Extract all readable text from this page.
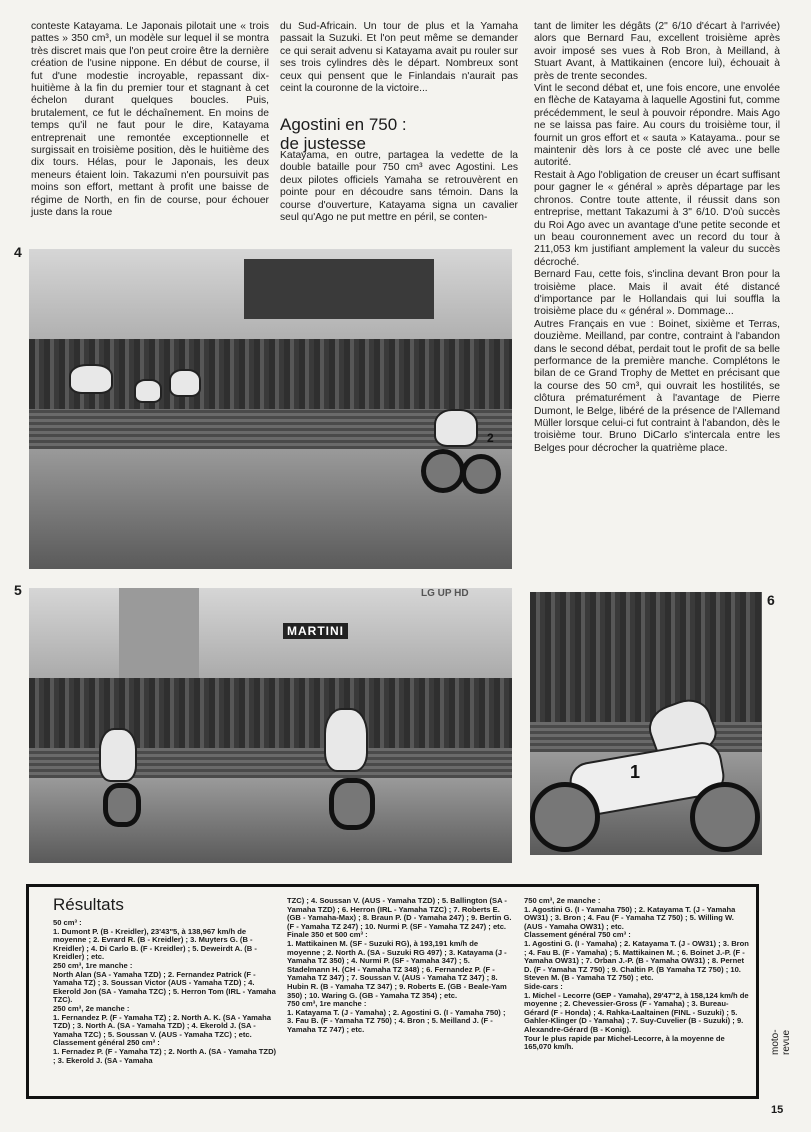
conteste Katayama. Le Japonais pilotait une « trois pattes » 350 cm³, un modèle sur lequel il se montra très discret mais que l'on peut croire être la dernière création de l'usine nippone. En début de course, il fut d'une modestie incroyable, repassant dix-huitième à la fin du premier tour et stagnant à cet échelon durant quelques boucles. Puis, brutalement, ce fut le déchaînement. En moins de temps qu'il ne faut pour le dire, Katayama entreprenait une remontée exceptionnelle et surgissait en troisième position, dès le huitième des dix tours. Hélas, pour le Japonais, les deux meneurs étaient loin. Takazumi n'en poursuivit pas moins son effort, mettant à profit une baisse de régime de North, en fin de course, pour échouer juste dans la roue
du Sud-Africain. Un tour de plus et la Yamaha passait la Suzuki. Et l'on peut même se demander ce qui serait advenu si Katayama avait pu rouler sur ses trois cylindres dès le départ. Nombreux sont ceux qui pensent que le Finlandais n'aurait pas ceint la couronne de la victoire...
Agostini en 750 :
de justesse
Katayama, en outre, partagea la vedette de la double bataille pour 750 cm³ avec Agostini. Les deux pilotes officiels Yamaha se retrouvèrent en pointe pour en découdre sans témoin. Dans la course d'ouverture, Katayama signa un cavalier seul qu'Ago ne put mettre en péril, se conten-
tant de limiter les dégâts (2" 6/10 d'écart à l'arrivée) alors que Bernard Fau, excellent troisième après avoir imposé ses vues à Rob Bron, à Meilland, à Stuart Avant, à Mattikainen (encore lui), échouait à près de trente secondes.
Vint le second débat et, une fois encore, une envolée en flèche de Katayama à laquelle Agostini fut, comme précédemment, le seul à pouvoir répondre. Mais Ago ne se laissa pas faire. Au cours du troisième tour, il fournit un gros effort et « sauta » Katayama.. pour se maintenir dès lors à ce poste clé avec une belle autorité.
Restait à Ago l'obligation de creuser un écart suffisant pour gagner le « général » après départage par les chronos. Contre toute attente, il réussit dans son entreprise, mettant Takazumi à 3" 6/10. D'où succès du Roi Ago avec un avantage d'une petite seconde et un beau couronnement avec un record du tour à 211,053 km justifiant amplement la valeur du succès décroché.
Bernard Fau, cette fois, s'inclina devant Bron pour la troisième place. Mais il avait été distancé d'importance par le Hollandais qui lui souffla la troisième place du « général ». Dommage...
Autres Français en vue : Boinet, sixième et Terras, douzième. Meilland, par contre, contraint à l'abandon dans le second débat, perdait tout le profit de sa belle performance de la première manche. Complétons le bilan de ce Grand Trophy de Mettet en précisant que la course des 50 cm³, qui ouvrait les hostilités, se clôtura prématurément à l'avantage de Pierre Dumont, le Belge, libéré de la présence de l'Allemand Müller lorsque celui-ci fut contraint à l'abandon, dès le troisième tour. Bruno DiCarlo s'intercala entre les Belges pour décrocher la quatrième place.
4
2
5
MARTINI
LG UP HD	6
1
Résultats
50 cm³ :
1. Dumont P. (B - Kreidler), 23'43"5, à 138,967 km/h de moyenne ; 2. Evrard R. (B - Kreidler) ; 3. Muyters G. (B - Kreidler) ; 4. Di Carlo B. (F - Kreidler) ; 5. Deweirdt A. (B - Kreidler) ; etc.
250 cm³, 1re manche :
North Alan (SA - Yamaha TZD) ; 2. Fernandez Patrick (F - Yamaha TZ) ; 3. Soussan Victor (AUS - Yamaha TZD) ; 4. Ekerold Jon (SA - Yamaha TZC) ; 5. Herron Tom (IRL - Yamaha TZC).
250 cm³, 2e manche :
1. Fernandez P. (F - Yamaha TZ) ; 2. North A. K. (SA - Yamaha TZD) ; 3. North A. (SA - Yamaha TZD) ; 4. Ekerold J. (SA - Yamaha TZC) ; 5. Soussan V. (AUS - Yamaha TZC) ; etc.
Classement général 250 cm³ :
1. Fernadez P. (F - Yamaha TZ) ; 2. North A. (SA - Yamaha TZD) ; 3. Ekerold J. (SA - Yamaha
TZC) ; 4. Soussan V. (AUS - Yamaha TZD) ; 5. Ballington (SA - Yamaha TZD) ; 6. Herron (IRL - Yamaha TZC) ; 7. Roberts E. (GB - Yamaha-Max) ; 8. Braun P. (D - Yamaha 247) ; 9. Bertin G. (F - Yamaha TZ 247) ; 10. Nurmi P. (SF - Yamaha TZ 247) ; etc.
Finale 350 et 500 cm³ :
1. Mattikainen M. (SF - Suzuki RG), à 193,191 km/h de moyenne ; 2. North A. (SA - Suzuki RG 497) ; 3. Katayama (J - Yamaha TZ 350) ; 4. Nurmi P. (SF - Yamaha 347) ; 5. Stadelmann H. (CH - Yamaha TZ 348) ; 6. Fernandez P. (F - Yamaha TZ 347) ; 7. Soussan V. (AUS - Yamaha TZ 347) ; 8. Hubin R. (B - Yamaha TZ 347) ; 9. Roberts E. (GB - Beale-Yam 350) ; 10. Waring G. (GB - Yamaha TZ 354) ; etc.
750 cm³, 1re manche :
1. Katayama T. (J - Yamaha) ; 2. Agostini G. (I - Yamaha 750) ; 3. Fau B. (F - Yamaha TZ 750) ; 4. Bron ; 5. Meilland J. (F - Yamaha TZ 747) ; etc.
750 cm³, 2e manche :
1. Agostini G. (I - Yamaha 750) ; 2. Katayama T. (J - Yamaha OW31) ; 3. Bron ; 4. Fau (F - Yamaha TZ 750) ; 5. Willing W. (AUS - Yamaha OW31) ; etc.
Classement général 750 cm³ :
1. Agostini G. (I - Yamaha) ; 2. Katayama T. (J - OW31) ; 3. Bron ; 4. Fau B. (F - Yamaha) ; 5. Mattikainen M. ; 6. Boinet J.-P. (F - Yamaha OW31) ; 7. Orban J.-P. (B - Yamaha OW31) ; 8. Pernet D. (F - Yamaha TZ 750) ; 9. Chaltin P. (B Yamaha TZ 750) ; 10. Steven M. (B - Yamaha TZ 750) ; etc.
Side-cars :
1. Michel - Lecorre (GEP - Yamaha), 29'47"2, à 158,124 km/h de moyenne ; 2. Chevessier-Gross (F - Yamaha) ; 3. Bureau-Gérard (F - Honda) ; 4. Rahka-Laaltainen (FINL - Suzuki) ; 5. Gahler-Klinger (D - Yamaha) ; 7. Suy-Cuvelier (B - Suzuki) ; 9. Alexandre-Gérard (B - Konig).
Tour le plus rapide par Michel-Lecorre, à la moyenne de 165,070 km/h.	moto-revue
15
